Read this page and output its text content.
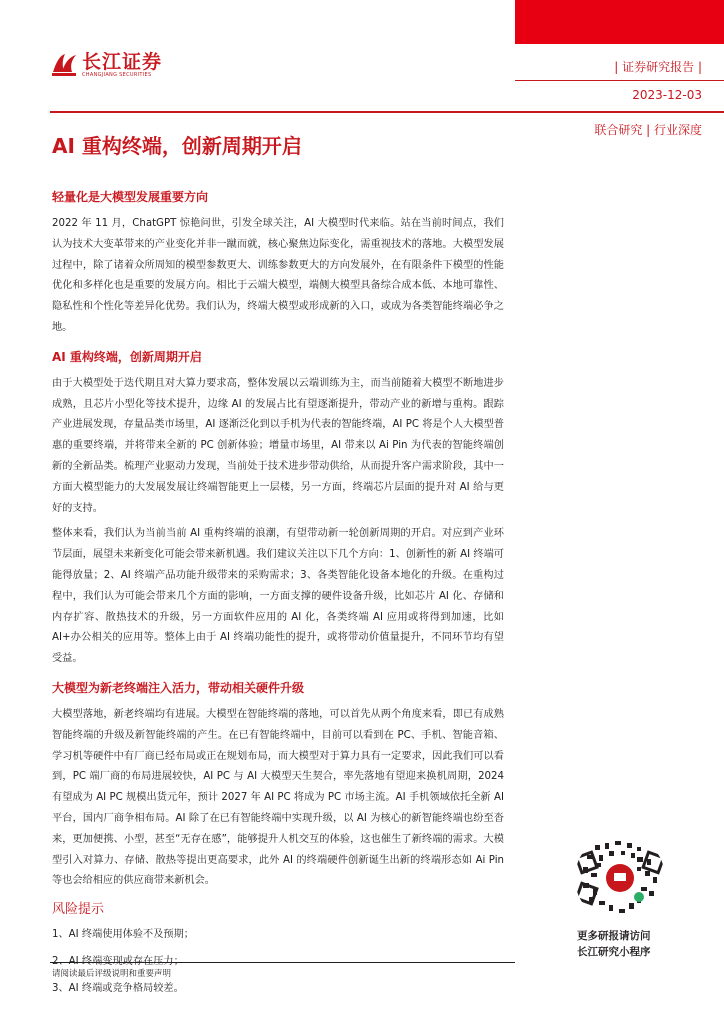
长江证券
CHANGJIANG SECURITIES
| 证券研究报告 |
2023-12-03
联合研究 | 行业深度
AI 重构终端，创新周期开启
轻量化是大模型发展重要方向

2022 年 11 月，ChatGPT 惊艳问世，引发全球关注，AI 大模型时代来临。站在当前时间点，我们认为技术大变革带来的产业变化并非一蹴而就，核心聚焦边际变化，需重视技术的落地。大模型发展过程中，除了诸着众所周知的模型参数更大、训练参数更大的方向发展外，在有限条件下模型的性能优化和多样化也是重要的发展方向。相比于云端大模型，端侧大模型具备综合成本低、本地可靠性、隐私性和个性化等差异化优势。我们认为，终端大模型或形成新的入口，或成为各类智能终端必争之地。

AI 重构终端，创新周期开启

由于大模型处于迭代期且对大算力要求高，整体发展以云端训练为主，而当前随着大模型不断地进步成熟，且芯片小型化等技术提升，边缘 AI 的发展占比有望逐渐提升，带动产业的新增与重构。跟踪产业进展发现，存量品类市场里，AI 逐渐泛化到以手机为代表的智能终端，AI PC 将是个人大模型普惠的重要终端，并将带来全新的 PC 创新体验；增量市场里，AI 带来以 Ai Pin 为代表的智能终端创新的全新品类。梳理产业驱动力发现，当前处于技术进步带动供给，从而提升客户需求阶段，其中一方面大模型能力的大发展发展让终端智能更上一层楼，另一方面，终端芯片层面的提升对 AI 给与更好的支持。

整体来看，我们认为当前当前 AI 重构终端的浪潮，有望带动新一轮创新周期的开启。对应到产业环节层面，展望未来新变化可能会带来新机遇。我们建议关注以下几个方向：1、创新性的新 AI 终端可能得放量；2、AI 终端产品功能升级带来的采购需求；3、各类智能化设备本地化的升级。在重构过程中，我们认为可能会带来几个方面的影响，一方面支撑的硬件设备升级，比如芯片 AI 化、存储和内存扩容、散热技术的升级，另一方面软件应用的 AI 化，各类终端 AI 应用或将得到加速，比如 AI+办公相关的应用等。整体上由于 AI 终端功能性的提升，或将带动价值量提升，不同环节均有望受益。

大模型为新老终端注入活力，带动相关硬件升级

大模型落地，新老终端均有进展。大模型在智能终端的落地，可以首先从两个角度来看，即已有成熟智能终端的升级及新智能终端的产生。在已有智能终端中，目前可以看到在 PC、手机、智能音箱、学习机等硬件中有厂商已经布局或正在规划布局，而大模型对于算力具有一定要求，因此我们可以看到，PC 端厂商的布局进展较快，AI PC 与 AI 大模型天生契合，率先落地有望迎来换机周期，2024 有望成为 AI PC 规模出货元年，预计 2027 年 AI PC 将成为 PC 市场主流。AI 手机领域依托全新 AI 平台，国内厂商争相布局。AI 除了在已有智能终端中实现升级，以 AI 为核心的新智能终端也纷至沓来，更加便携、小型，甚至“无存在感”，能够提升人机交互的体验，这也催生了新终端的需求。大模型引入对算力、存储、散热等提出更高要求，此外 AI 的终端硬件创新诞生出新的终端形态如 Ai Pin 等也会给相应的供应商带来新机会。

风险提示
1、AI 终端使用体验不及预期；
3、AI 终端或竞争格局较差。
更多研报请访问
长江研究小程序
请阅读最后评级说明和重要声明
